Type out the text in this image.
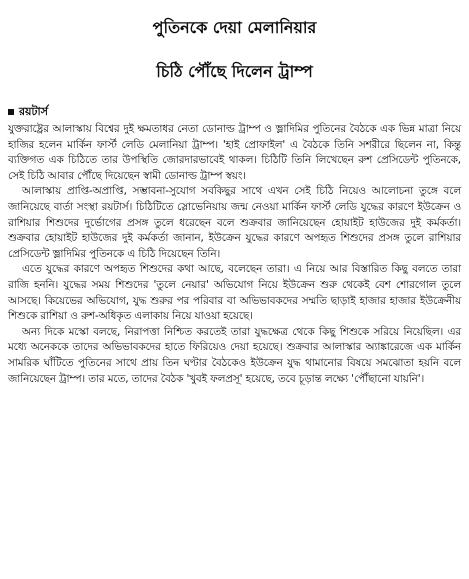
পুতিনকে দেয়া মেলানিয়ার
চিঠি পৌঁছে দিলেন ট্রাম্প
রয়টার্স

যুক্তরাষ্ট্রের আলাস্কায় বিশ্বের দুই ক্ষমতাধর নেতা ডোনাল্ড ট্রাম্প ও ভ্লাদিমির পুতিনের বৈঠকে এক ভিন্ন মাত্রা নিয়ে হাজির হলেন মার্কিন ফার্স্ট লেডি মেলানিয়া ট্রাম্প। 'হাই প্রোফাইল' এ বৈঠকে তিনি সশরীরে ছিলেন না, কিন্তু ব্যক্তিগত এক চিঠিতে তার উপস্থিতি জোরদারভাবেই থাকল। চিঠিটি তিনি লিখেছেন রুশ প্রেসিডেন্ট পুতিনকে, সেই চিঠি আবার পৌঁছে দিয়েছেন স্বামী ডোনাল্ড ট্রাম্প স্বয়ং।

আলাস্কায় প্রাপ্তি-অপ্রাপ্তি, সম্ভাবনা-সুযোগ সবকিছুর সাথে এখন সেই চিঠি নিয়েও আলোচনা তুঙ্গে বলে জানিয়েছে বার্তা সংস্থা রয়টার্স। চিঠিটিতে স্লোভেনিয়ায় জন্ম নেওয়া মার্কিন ফার্স্ট লেডি যুদ্ধের কারণে ইউক্রেন ও রাশিয়ার শিশুদের দুর্ভোগের প্রসঙ্গ তুলে ধরেছেন বলে শুক্রবার জানিয়েছেন হোয়াইট হাউজের দুই কর্মকর্তা। শুক্রবার হোয়াইট হাউজের দুই কর্মকর্তা জানান, ইউক্রেন যুদ্ধের কারণে অপহৃত শিশুদের প্রসঙ্গ তুলে রাশিয়ার প্রেসিডেন্ট ভ্লাদিমির পুতিনকে এ চিঠি দিয়েছেন তিনি।

এতে যুদ্ধের কারণে অপহৃত শিশুদের কথা আছে, বলেছেন তারা। এ নিয়ে আর বিস্তারিত কিছু বলতে তারা রাজি হননি। যুদ্ধের সময় শিশুদের 'তুলে নেয়ার' অভিযোগ নিয়ে ইউক্রেন শুরু থেকেই বেশ শোরগোল তুলে আসছে। কিয়েভের অভিযোগ, যুদ্ধ শুরুর পর পরিবার বা অভিভাবকদের সম্মতি ছাড়াই হাজার হাজার ইউক্রেনীয় শিশুকে রাশিয়া ও রুশ-অধিকৃত এলাকায় নিয়ে যাওয়া হয়েছে।

অন্য দিকে মস্কো বলছে, নিরাপত্তা নিশ্চিত করতেই তারা যুদ্ধক্ষেত্র থেকে কিছু শিশুকে সরিয়ে নিয়েছিল। এর মধ্যে অনেককে তাদের অভিভাবকদের হাতে ফিরিয়েও দেয়া হয়েছে। শুক্রবার আলাস্কার অ্যাঙ্কারেজে এক মার্কিন সামরিক ঘাঁটিতে পুতিনের সাথে প্রায় তিন ঘণ্টার বৈঠকেও ইউক্রেন যুদ্ধ থামানোর বিষয়ে সমঝোতা হয়নি বলে জানিয়েছেন ট্রাম্প। তার মতে, তাদের বৈঠক 'খুবই ফলপ্রসূ' হয়েছে, তবে চূড়ান্ত লক্ষ্যে 'পৌঁছানো যায়নি'।
